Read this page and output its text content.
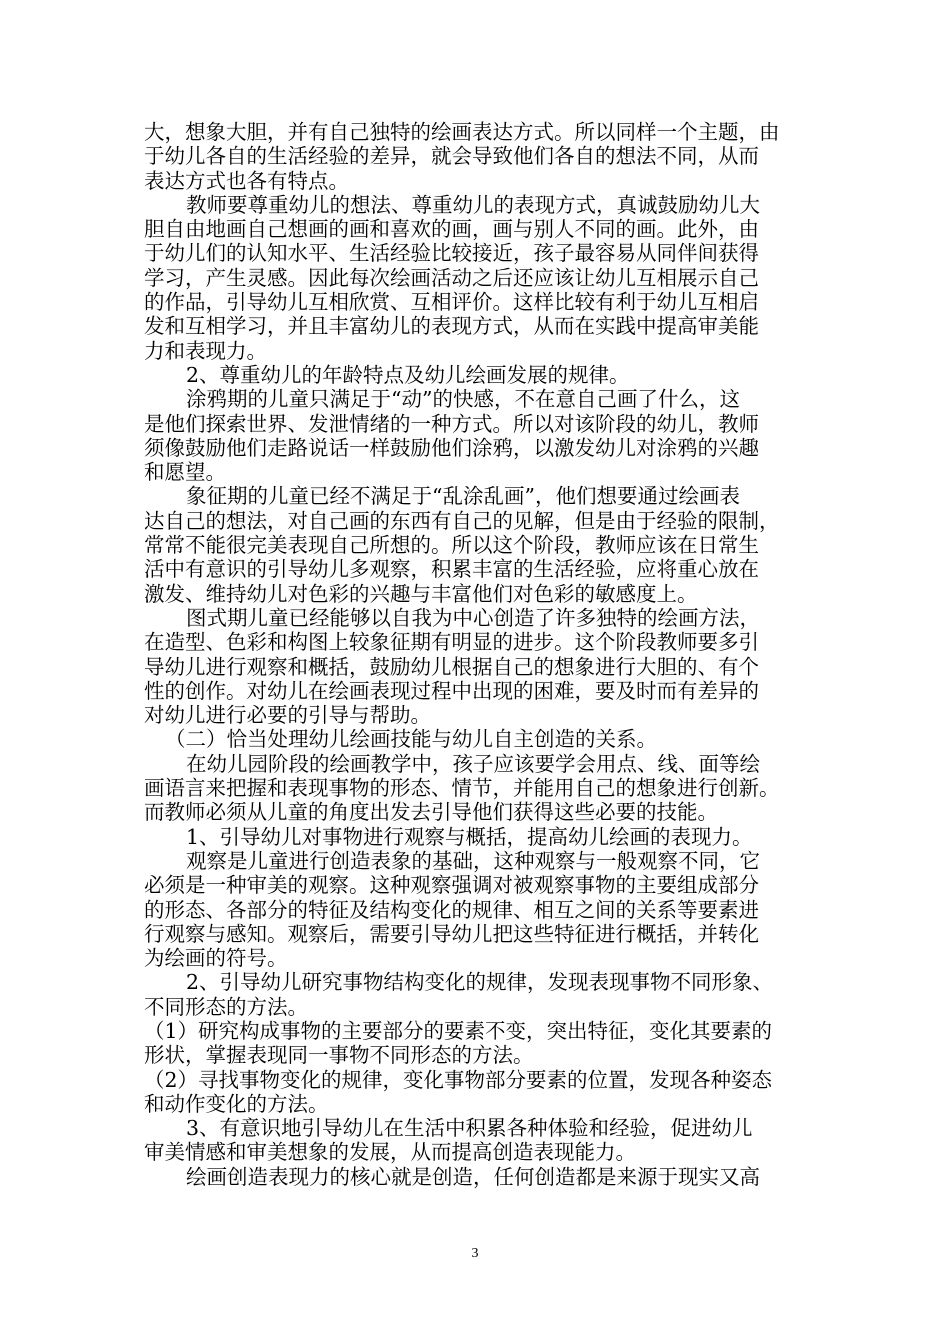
大，想象大胆，并有自己独特的绘画表达方式。所以同样一个主题，由
于幼儿各自的生活经验的差异，就会导致他们各自的想法不同，从而
表达方式也各有特点。
教师要尊重幼儿的想法、尊重幼儿的表现方式，真诚鼓励幼儿大
胆自由地画自己想画的画和喜欢的画，画与别人不同的画。此外，由
于幼儿们的认知水平、生活经验比较接近，孩子最容易从同伴间获得
学习，产生灵感。因此每次绘画活动之后还应该让幼儿互相展示自己
的作品，引导幼儿互相欣赏、互相评价。这样比较有利于幼儿互相启
发和互相学习，并且丰富幼儿的表现方式，从而在实践中提高审美能
力和表现力。
2、尊重幼儿的年龄特点及幼儿绘画发展的规律。
涂鸦期的儿童只满足于“动”的快感，不在意自己画了什么，这
是他们探索世界、发泄情绪的一种方式。所以对该阶段的幼儿，教师
须像鼓励他们走路说话一样鼓励他们涂鸦，以激发幼儿对涂鸦的兴趣
和愿望。
象征期的儿童已经不满足于“乱涂乱画”，他们想要通过绘画表
达自己的想法，对自己画的东西有自己的见解，但是由于经验的限制，
常常不能很完美表现自己所想的。所以这个阶段，教师应该在日常生
活中有意识的引导幼儿多观察，积累丰富的生活经验，应将重心放在
激发、维持幼儿对色彩的兴趣与丰富他们对色彩的敏感度上。
图式期儿童已经能够以自我为中心创造了许多独特的绘画方法，
在造型、色彩和构图上较象征期有明显的进步。这个阶段教师要多引
导幼儿进行观察和概括，鼓励幼儿根据自己的想象进行大胆的、有个
性的创作。对幼儿在绘画表现过程中出现的困难，要及时而有差异的
对幼儿进行必要的引导与帮助。
（二）恰当处理幼儿绘画技能与幼儿自主创造的关系。
在幼儿园阶段的绘画教学中，孩子应该要学会用点、线、面等绘
画语言来把握和表现事物的形态、情节，并能用自己的想象进行创新。
而教师必须从儿童的角度出发去引导他们获得这些必要的技能。
1、引导幼儿对事物进行观察与概括，提高幼儿绘画的表现力。
观察是儿童进行创造表象的基础，这种观察与一般观察不同，它
必须是一种审美的观察。这种观察强调对被观察事物的主要组成部分
的形态、各部分的特征及结构变化的规律、相互之间的关系等要素进
行观察与感知。观察后，需要引导幼儿把这些特征进行概括，并转化
为绘画的符号。
2、引导幼儿研究事物结构变化的规律，发现表现事物不同形象、
不同形态的方法。
（1）研究构成事物的主要部分的要素不变，突出特征，变化其要素的
形状，掌握表现同一事物不同形态的方法。
（2）寻找事物变化的规律，变化事物部分要素的位置，发现各种姿态
和动作变化的方法。
3、有意识地引导幼儿在生活中积累各种体验和经验，促进幼儿
审美情感和审美想象的发展，从而提高创造表现能力。
绘画创造表现力的核心就是创造，任何创造都是来源于现实又高
3
